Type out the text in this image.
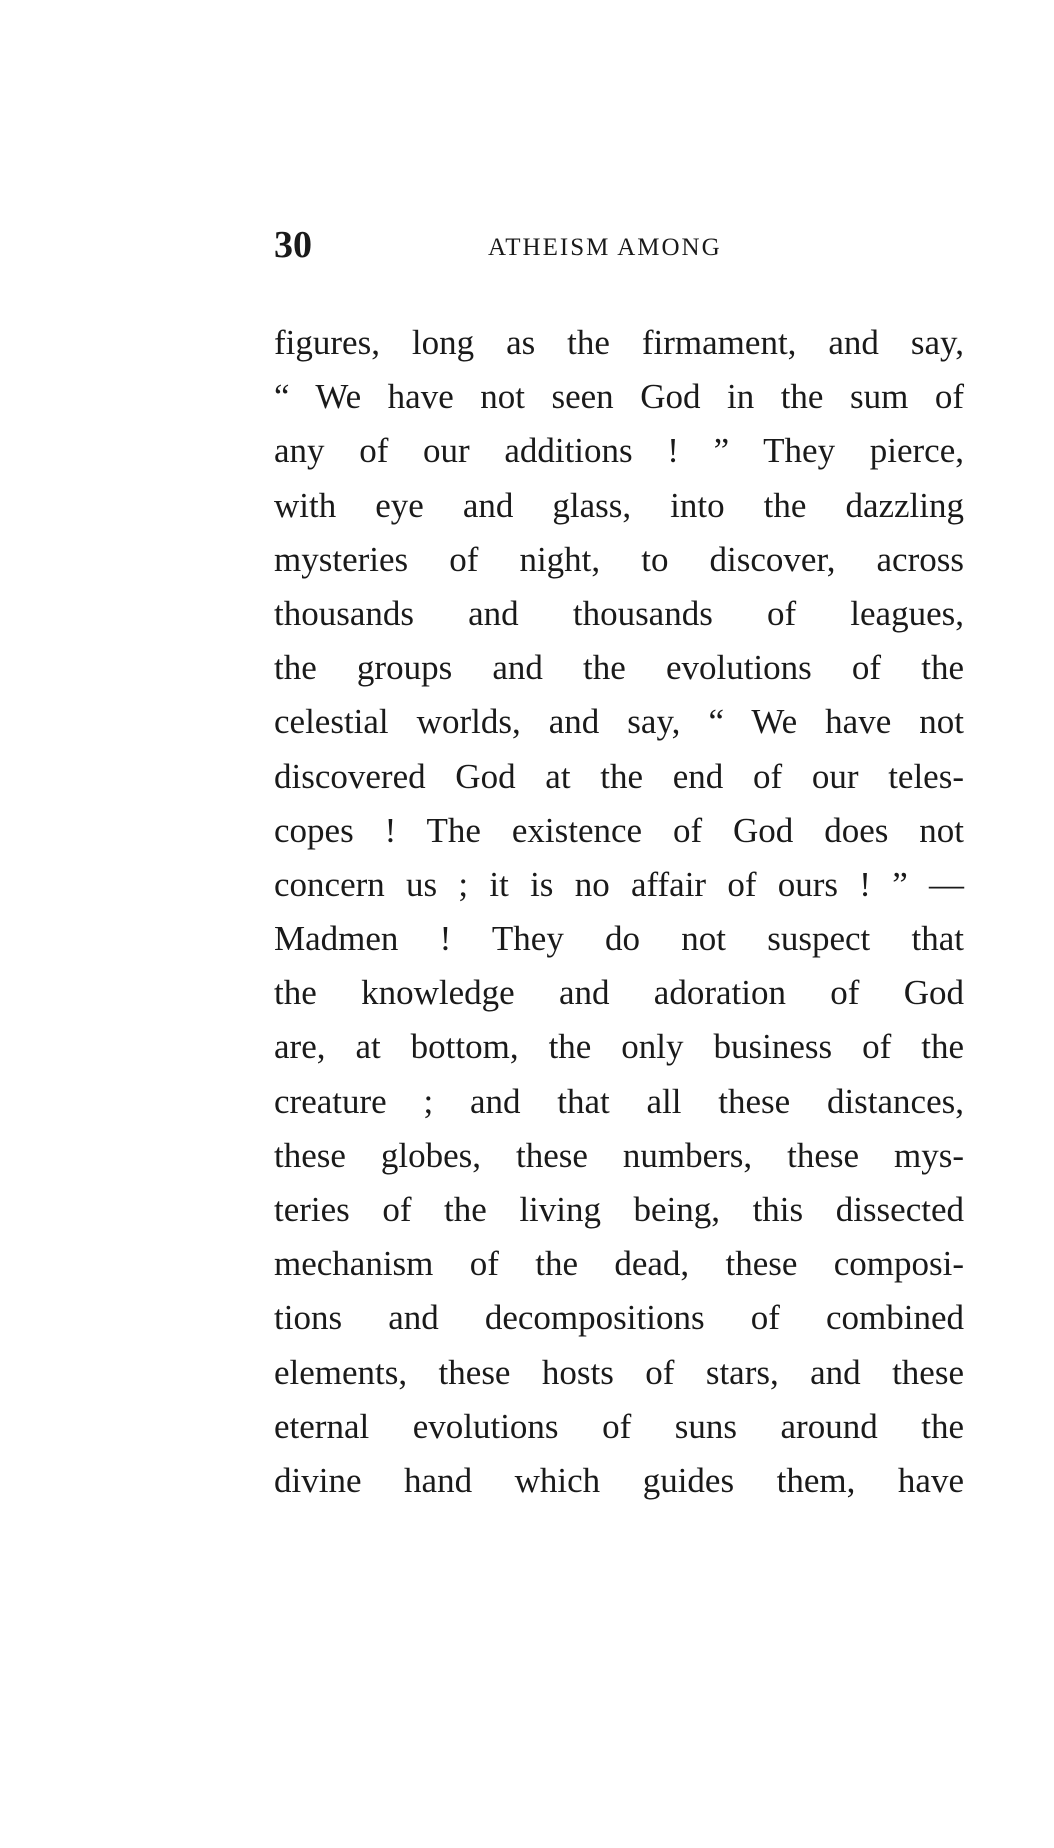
30	ATHEISM AMONG
figures, long as the firmament, and say,
“ We have not seen God in the sum of
any of our additions ! ” They pierce,
with eye and glass, into the dazzling
mysteries of night, to discover, across
thousands and thousands of leagues,
the groups and the evolutions of the
celestial worlds, and say, “ We have not
discovered God at the end of our teles-
copes ! The existence of God does not
concern us ; it is no affair of ours ! ” —
Madmen ! They do not suspect that
the knowledge and adoration of God
are, at bottom, the only business of the
creature ; and that all these distances,
these globes, these numbers, these mys-
teries of the living being, this dissected
mechanism of the dead, these composi-
tions and decompositions of combined
elements, these hosts of stars, and these
eternal evolutions of suns around the
divine hand which guides them, have
